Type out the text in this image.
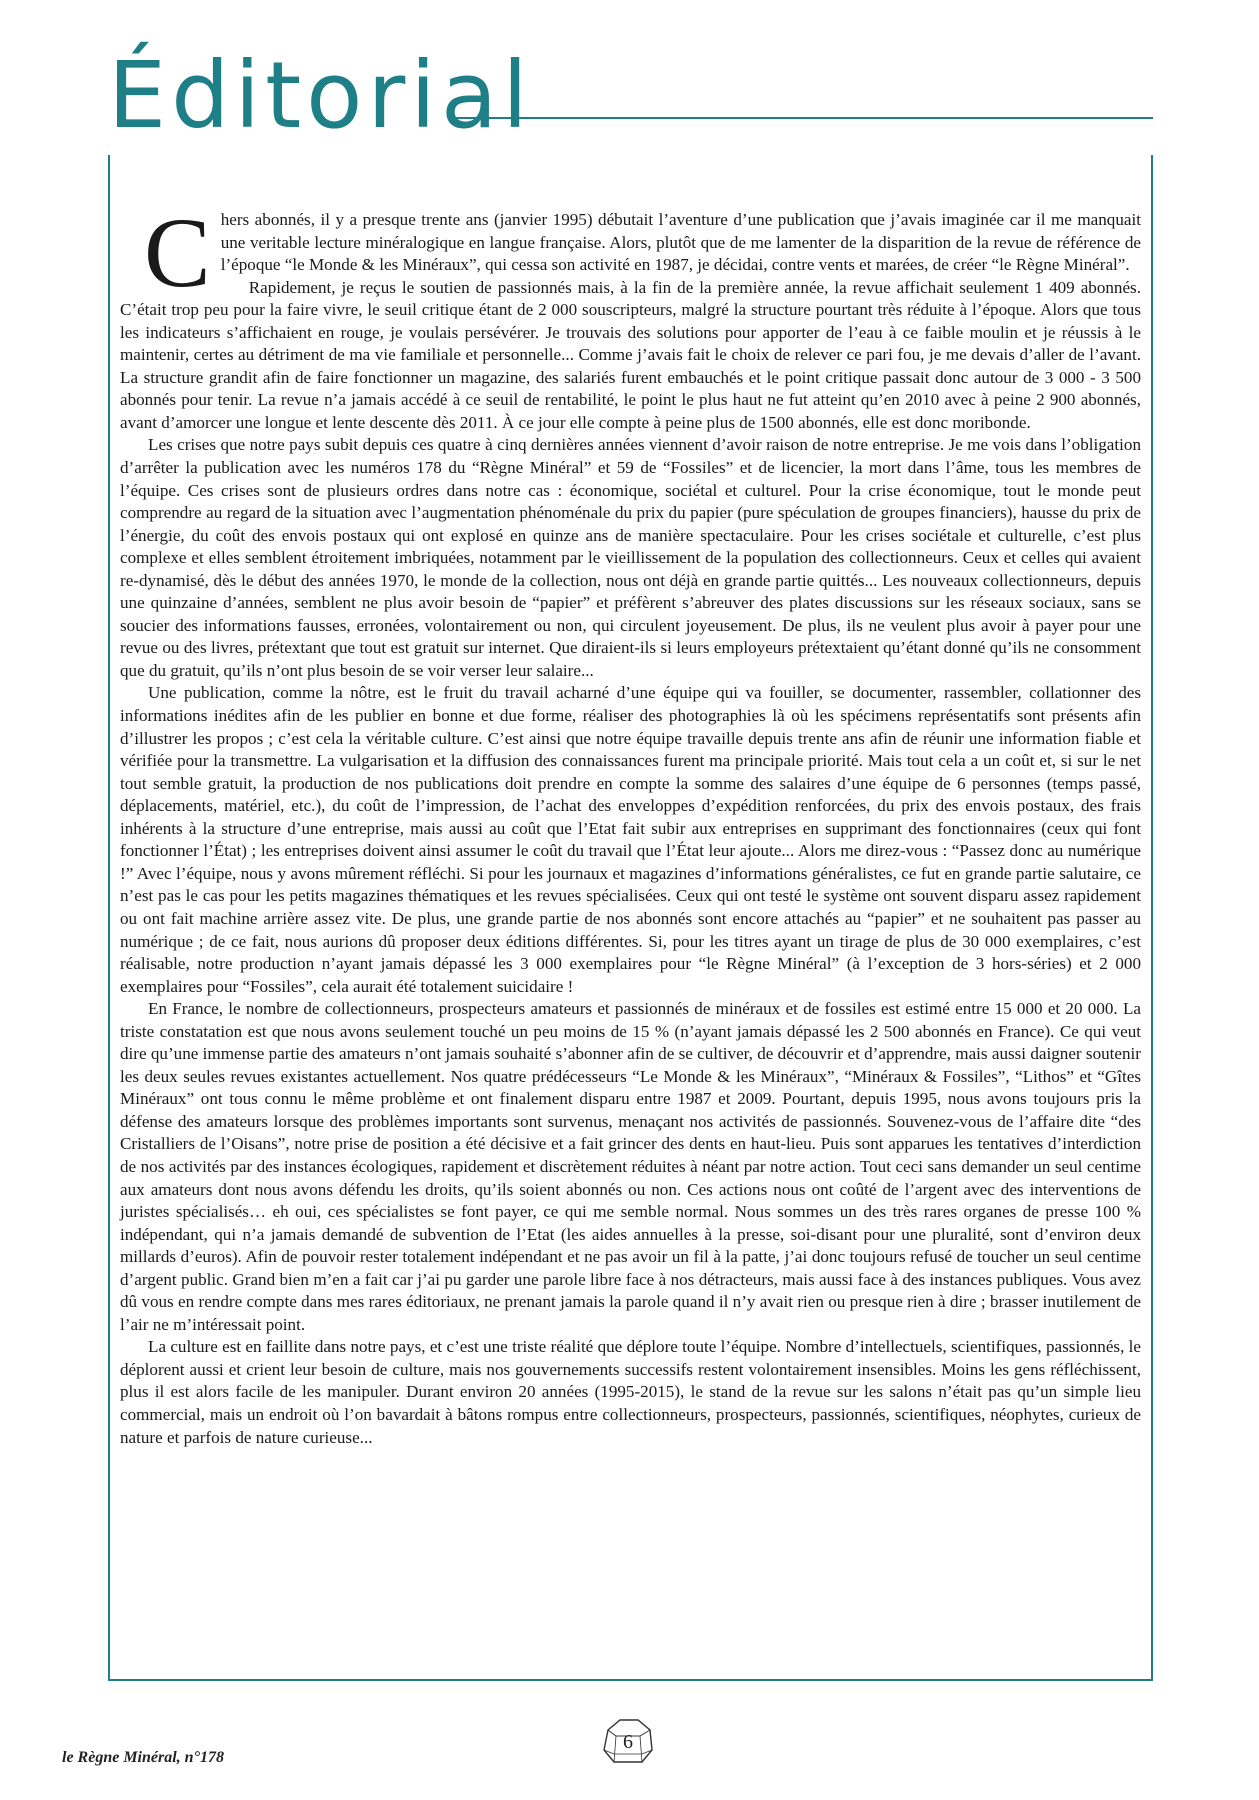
Éditorial

Chers abonnés, il y a presque trente ans (janvier 1995) débutait l’aventure d’une publication que j’avais imaginée car il me manquait une veritable lecture minéralogique en langue française. Alors, plutôt que de me lamenter de la disparition de la revue de référence de l’époque “le Monde & les Minéraux”, qui cessa son activité en 1987, je décidai, contre vents et marées, de créer “le Règne Minéral”.

Rapidement, je reçus le soutien de passionnés mais, à la fin de la première année, la revue affichait seulement 1 409 abonnés. C’était trop peu pour la faire vivre, le seuil critique étant de 2 000 souscripteurs, malgré la structure pourtant très réduite à l’époque. Alors que tous les indicateurs s’affichaient en rouge, je voulais persévérer. Je trouvais des solutions pour apporter de l’eau à ce faible moulin et je réussis à le maintenir, certes au détriment de ma vie familiale et personnelle... Comme j’avais fait le choix de relever ce pari fou, je me devais d’aller de l’avant. La structure grandit afin de faire fonctionner un magazine, des salariés furent embauchés et le point critique passait donc autour de 3 000 - 3 500 abonnés pour tenir. La revue n’a jamais accédé à ce seuil de rentabilité, le point le plus haut ne fut atteint qu’en 2010 avec à peine 2 900 abonnés, avant d’amorcer une longue et lente descente dès 2011. À ce jour elle compte à peine plus de 1500 abonnés, elle est donc moribonde.

Les crises que notre pays subit depuis ces quatre à cinq dernières années viennent d’avoir raison de notre entreprise. Je me vois dans l’obligation d’arrêter la publication avec les numéros 178 du “Règne Minéral” et 59 de “Fossiles” et de licencier, la mort dans l’âme, tous les membres de l’équipe. Ces crises sont de plusieurs ordres dans notre cas : économique, sociétal et culturel. Pour la crise économique, tout le monde peut comprendre au regard de la situation avec l’augmentation phénoménale du prix du papier (pure spéculation de groupes financiers), hausse du prix de l’énergie, du coût des envois postaux qui ont explosé en quinze ans de manière spectaculaire. Pour les crises sociétale et culturelle, c’est plus complexe et elles semblent étroitement imbriquées, notamment par le vieillissement de la population des collectionneurs. Ceux et celles qui avaient re-dynamisé, dès le début des années 1970, le monde de la collection, nous ont déjà en grande partie quittés... Les nouveaux collectionneurs, depuis une quinzaine d’années, semblent ne plus avoir besoin de “papier” et préfèrent s’abreuver des plates discussions sur les réseaux sociaux, sans se soucier des informations fausses, erronées, volontairement ou non, qui circulent joyeusement. De plus, ils ne veulent plus avoir à payer pour une revue ou des livres, prétextant que tout est gratuit sur internet. Que diraient-ils si leurs employeurs prétextaient qu’étant donné qu’ils ne consomment que du gratuit, qu’ils n’ont plus besoin de se voir verser leur salaire...

Une publication, comme la nôtre, est le fruit du travail acharné d’une équipe qui va fouiller, se documenter, rassembler, collationner des informations inédites afin de les publier en bonne et due forme, réaliser des photographies là où les spécimens représentatifs sont présents afin d’illustrer les propos ; c’est cela la véritable culture. C’est ainsi que notre équipe travaille depuis trente ans afin de réunir une information fiable et vérifiée pour la transmettre. La vulgarisation et la diffusion des connaissances furent ma principale priorité. Mais tout cela a un coût et, si sur le net tout semble gratuit, la production de nos publications doit prendre en compte la somme des salaires d’une équipe de 6 personnes (temps passé, déplacements, matériel, etc.), du coût de l’impression, de l’achat des enveloppes d’expédition renforcées, du prix des envois postaux, des frais inhérents à la structure d’une entreprise, mais aussi au coût que l’Etat fait subir aux entreprises en supprimant des fonctionnaires (ceux qui font fonctionner l’État) ; les entreprises doivent ainsi assumer le coût du travail que l’État leur ajoute... Alors me direz-vous : “Passez donc au numérique !” Avec l’équipe, nous y avons mûrement réfléchi. Si pour les journaux et magazines d’informations généralistes, ce fut en grande partie salutaire, ce n’est pas le cas pour les petits magazines thématiques et les revues spécialisées. Ceux qui ont testé le système ont souvent disparu assez rapidement ou ont fait machine arrière assez vite. De plus, une grande partie de nos abonnés sont encore attachés au “papier” et ne souhaitent pas passer au numérique ; de ce fait, nous aurions dû proposer deux éditions différentes. Si, pour les titres ayant un tirage de plus de 30 000 exemplaires, c’est réalisable, notre production n’ayant jamais dépassé les 3 000 exemplaires pour “le Règne Minéral” (à l’exception de 3 hors-séries) et 2 000 exemplaires pour “Fossiles”, cela aurait été totalement suicidaire !

En France, le nombre de collectionneurs, prospecteurs amateurs et passionnés de minéraux et de fossiles est estimé entre 15 000 et 20 000. La triste constatation est que nous avons seulement touché un peu moins de 15 % (n’ayant jamais dépassé les 2 500 abonnés en France). Ce qui veut dire qu’une immense partie des amateurs n’ont jamais souhaité s’abonner afin de se cultiver, de découvrir et d’apprendre, mais aussi daigner soutenir les deux seules revues existantes actuellement. Nos quatre prédécesseurs “Le Monde & les Minéraux”, “Minéraux & Fossiles”, “Lithos” et “Gîtes Minéraux” ont tous connu le même problème et ont finalement disparu entre 1987 et 2009. Pourtant, depuis 1995, nous avons toujours pris la défense des amateurs lorsque des problèmes importants sont survenus, menaçant nos activités de passionnés. Souvenez-vous de l’affaire dite “des Cristalliers de l’Oisans”, notre prise de position a été décisive et a fait grincer des dents en haut-lieu. Puis sont apparues les tentatives d’interdiction de nos activités par des instances écologiques, rapidement et discrètement réduites à néant par notre action. Tout ceci sans demander un seul centime aux amateurs dont nous avons défendu les droits, qu’ils soient abonnés ou non. Ces actions nous ont coûté de l’argent avec des interventions de juristes spécialisés… eh oui, ces spécialistes se font payer, ce qui me semble normal. Nous sommes un des très rares organes de presse 100 % indépendant, qui n’a jamais demandé de subvention de l’Etat (les aides annuelles à la presse, soi-disant pour une pluralité, sont d’environ deux millards d’euros). Afin de pouvoir rester totalement indépendant et ne pas avoir un fil à la patte, j’ai donc toujours refusé de toucher un seul centime d’argent public. Grand bien m’en a fait car j’ai pu garder une parole libre face à nos détracteurs, mais aussi face à des instances publiques. Vous avez dû vous en rendre compte dans mes rares éditoriaux, ne prenant jamais la parole quand il n’y avait rien ou presque rien à dire ; brasser inutilement de l’air ne m’intéressait point.

La culture est en faillite dans notre pays, et c’est une triste réalité que déplore toute l’équipe. Nombre d’intellectuels, scientifiques, passionnés, le déplorent aussi et crient leur besoin de culture, mais nos gouvernements successifs restent volontairement insensibles. Moins les gens réfléchissent, plus il est alors facile de les manipuler. Durant environ 20 années (1995-2015), le stand de la revue sur les salons n’était pas qu’un simple lieu commercial, mais un endroit où l’on bavardait à bâtons rompus entre collectionneurs, prospecteurs, passionnés, scientifiques, néophytes, curieux de nature et parfois de nature curieuse...

le Règne Minéral, n°178
6
